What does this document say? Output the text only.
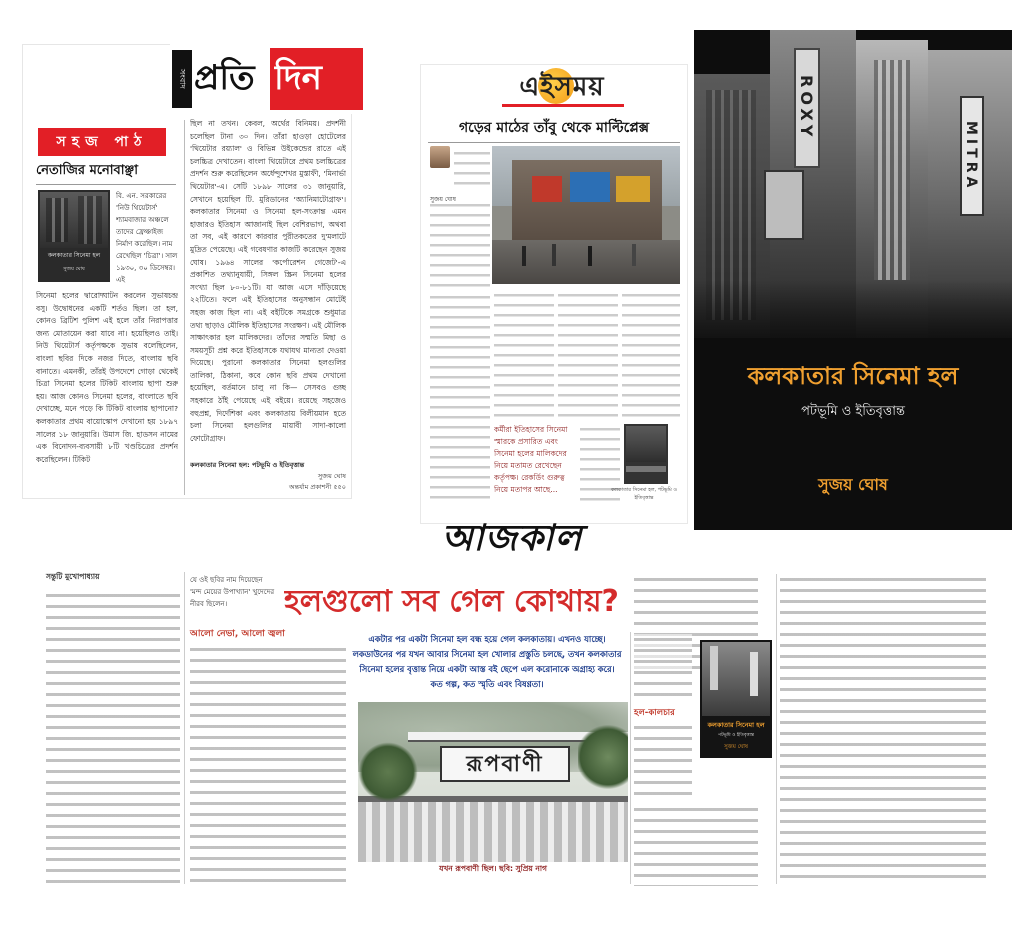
সংবাদ প্রতি দিন
সহজ পাঠ
নেতাজির মনোবাঞ্ছা
কলকাতার সিনেমা হল
সুজয় ঘোষ
বি. এন. সরকারের 'নিউ থিয়েটার্স' শ্যামবাজার অঞ্চলে তাদের ফ্রেঞ্চাইজ নির্মাণ করেছিল। নাম রেখেছিল 'চিত্রা'। সাল ১৯৩০, ৩০ ডিসেম্বর। এই
সিনেমা হলের দ্বারোদ্ঘাটন করলেন সুভাষচন্দ্র বসু। উদ্বোধনের একটি শর্তও ছিল। তা হল, কোনও ব্রিটিশ পুলিশ এই হলে তাঁর নিরাপত্তার জন্য মোতায়েন করা যাবে না। হয়েছিলও তাই। নিউ থিয়েটার্স কর্তৃপক্ষকে সুভাষ বলেছিলেন, বাংলা ছবির দিকে নজর দিতে, বাংলায় ছবি বানাতে। এমনকী, তাঁরই উপদেশে গোড়া থেকেই চিত্রা সিনেমা হলের টিকিট বাংলায় ছাপা শুরু হয়। আজ কোনও সিনেমা হলের, বাংলাতে ছবি দেখাচ্ছে, মনে পড়ে কি টিকিট বাংলায় ছাপানো? কলকাতার প্রথম বায়োস্কোপ দেখানো হয় ১৮৯৭ সালের ১৮ জানুয়ারি। উমাস জি. হাডসন নামের এক বিনোদন-ব্যবসায়ী ৮টি খণ্ডচিত্রের প্রদর্শন করেছিলেন। টিকিট
ছিল না তখন। কেবল, অর্থের বিনিময়। প্রদর্শনী চলেছিল টানা ৩০ দিন। তাঁরা হাওড়া হোটেলের 'থিয়েটার রয়্যাল' ও বিভিন্ন উইকেন্ডের রাতে এই চলচ্চিত্র দেখাতেন। বাংলা থিয়েটারে প্রথম চলচ্চিত্রের প্রদর্শন শুরু করেছিলেন অর্ধেন্দুশেখর মুস্তাফী, 'মিনার্ভা থিয়েটার'-এ। সেটি ১৮৯৮ সালের ৩১ জানুয়ারি, সেখানে হয়েছিল টি. মুরিডানের 'অ্যানিমাটোগ্রাফ'। কলকাতার সিনেমা ও সিনেমা হল-সংক্রান্ত এমন হাজারও ইতিহাস আজানাই ছিল বেশিরভাগ, অথবা তা সব, এই কারণে কারবার পুরীতকতের দু'মলাটে মুদ্রিত পেয়েছে। এই গবেষণার কাজটি করেছেন সুজয় ঘোষ। ১৯৬৪ সালের 'কর্পোরেশন গেজেট'-এ প্রকাশিত তথ্যানুযায়ী, সিঙ্গল স্ক্রিন সিনেমা হলের সংখ্যা ছিল ৮০-৮১টি। যা আজ এসে দাঁড়িয়েছে ২২টিতে। ফলে এই ইতিহাসের অনুসন্ধান মোটেই সহজ কাজ ছিল না। এই বইটিকে সমগ্রকে শুধুমাত্র তথ্য ছাড়াও মৌলিক ইতিহাসের সংরক্ষণ। এই মৌলিক সাক্ষাৎকার হল মালিকদের। তাঁদের সম্মতি মিছা ও সময়সূচী প্রশ্ন করে ইতিহাসকে যথাযথ মান্যতা দেওয়া দিয়েছে। পুরানো কলকাতার সিনেমা হলগুলির তালিকা, ঠিকানা, কবে কোন ছবি প্রথম দেখানো হয়েছিল, বর্তমানে চালু না কি— সেসবও গুচ্ছ সহকারে ঠাঁই পেয়েছে এই বইয়ে। রয়েছে সহজেও বহুপ্রশ্ন, দির্দেশিকা এবং কলকাতায় বিলীয়মান হতে চলা সিনেমা হলগুলির মায়াবী সাদা-কালো ফোটোগ্রাফ।
কলকাতার সিনেমা হল: পটভূমি ও ইতিবৃত্তান্ত
সুজয় ঘোষ
অন্তর্যাম প্রকাশনী ৫৫০
এইসময়
গড়ের মাঠের তাঁবু থেকে মাল্টিপ্লেক্স
সুজয় ঘোষ
কর্মীরা ইতিহাসের সিনেমা স্মারকে প্রসারিত এবং সিনেমা হলের মালিকদের নিয়ে মতামত রেখেছেন কর্তৃপক্ষ। রেকর্ডিং গুরুত্ব নিয়ে মতাপর আছে...	কলকাতার সিনেমা হল, পটভূমি ও ইতিবৃত্তান্ত
ROXY
MITRA
কলকাতার সিনেমা হল
পটভূমি ও ইতিবৃত্তান্ত
সুজয় ঘোষ
আজকাল
সন্তুটি মুখোপাধ্যায়	যে ওই ছবির নাম দিয়েছেন 'মন্দ মেয়ের উপাখ্যান' খুদেদের নীরব ছিলেন।
আলো নেভা, আলো জ্বলা
হলগুলো সব গেল কোথায়?
একটার পর একটা সিনেমা হল বন্ধ হয়ে গেল কলকাতায়। এখনও যাচ্ছে। লকডাউনের পর যখন আবার সিনেমা হল খোলার প্রস্তুতি চলছে, তখন কলকাতার সিনেমা হলের বৃত্তান্ত নিয়ে একটা আস্ত বই ছেপে এল করোনাকে অগ্রাহ্য করে। কত গল্প, কত স্মৃতি এবং বিষণ্ণতা।
রূপবাণী
যখন রূপবাণী ছিল। ছবি: সুপ্রিয় নাগ
হল-কালচার
কলকাতার সিনেমা হল
পটভূমি ও ইতিবৃত্তান্ত
সুজয় ঘোষ
